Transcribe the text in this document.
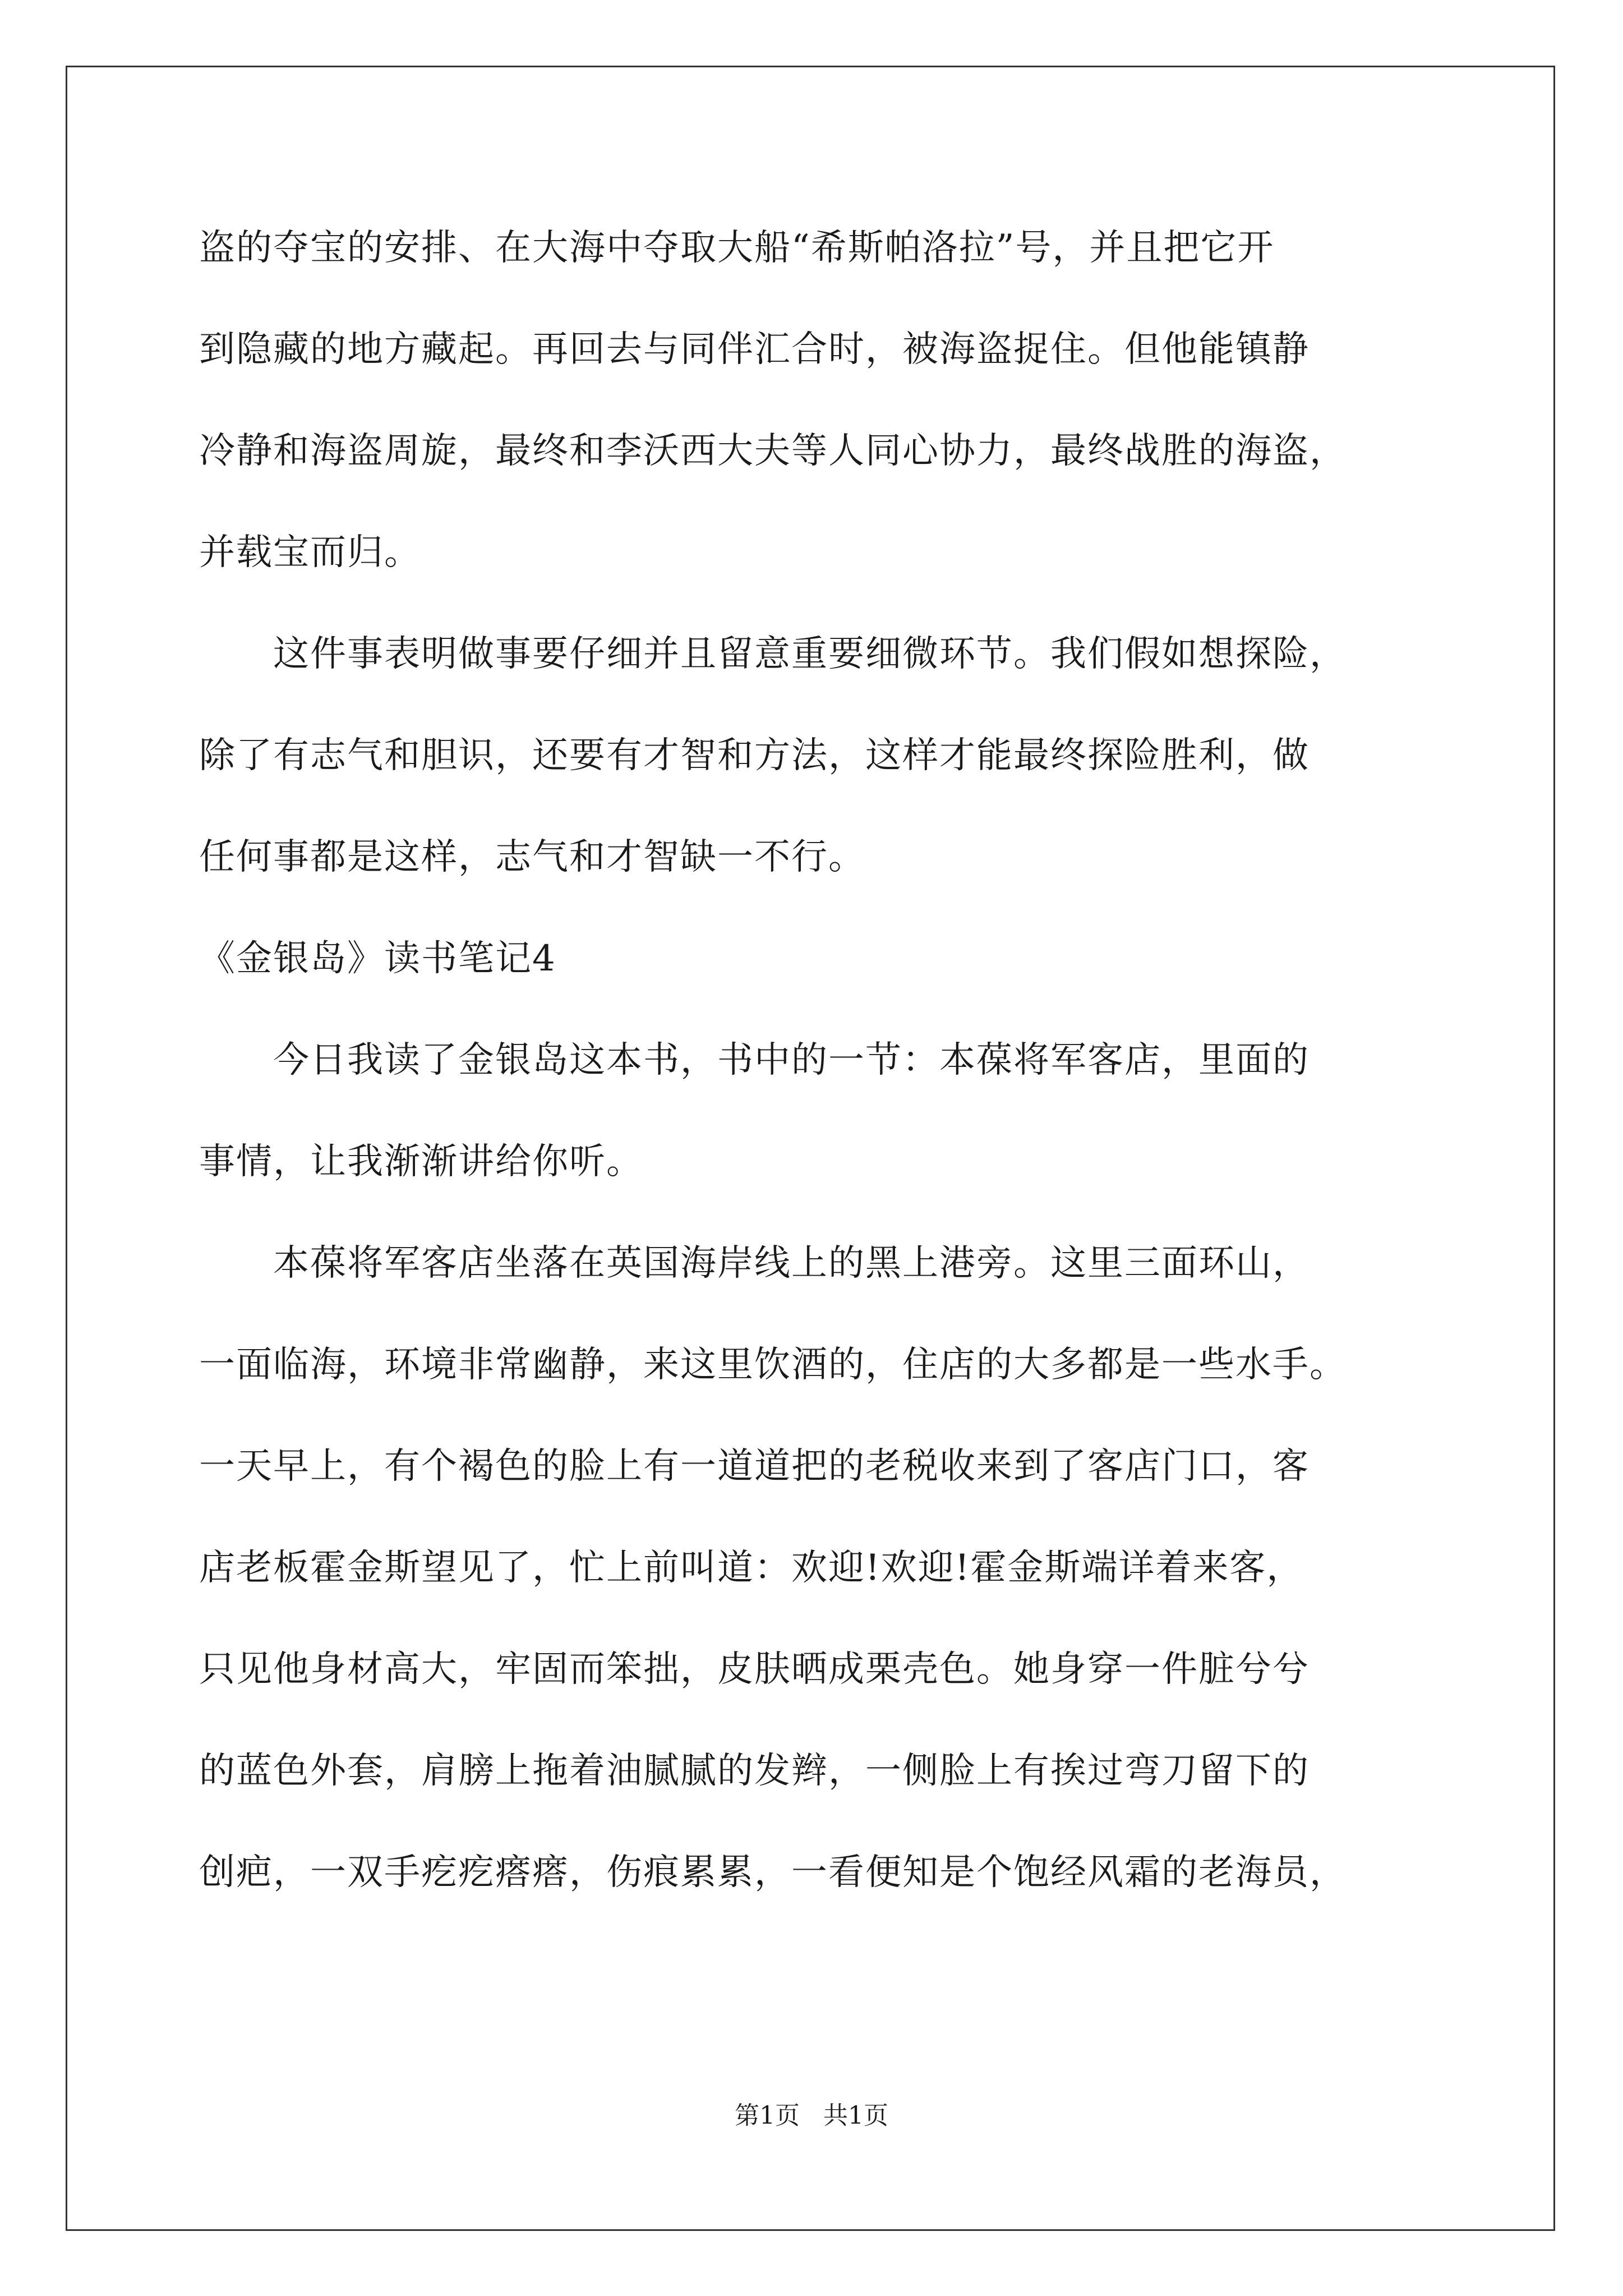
盗的夺宝的安排、在大海中夺取大船“希斯帕洛拉”号，并且把它开
到隐藏的地方藏起。再回去与同伴汇合时，被海盗捉住。但他能镇静
冷静和海盗周旋，最终和李沃西大夫等人同心协力，最终战胜的海盗，
并载宝而归。
　　这件事表明做事要仔细并且留意重要细微环节。我们假如想探险，
除了有志气和胆识，还要有才智和方法，这样才能最终探险胜利，做
任何事都是这样，志气和才智缺一不行。
《金银岛》读书笔记4
　　今日我读了金银岛这本书，书中的一节：本葆将军客店，里面的
事情，让我渐渐讲给你听。
　　本葆将军客店坐落在英国海岸线上的黑上港旁。这里三面环山，
一面临海，环境非常幽静，来这里饮酒的，住店的大多都是一些水手。
一天早上，有个褐色的脸上有一道道把的老税收来到了客店门口，客
店老板霍金斯望见了，忙上前叫道：欢迎!欢迎!霍金斯端详着来客，
只见他身材高大，牢固而笨拙，皮肤晒成栗壳色。她身穿一件脏兮兮
的蓝色外套，肩膀上拖着油腻腻的发辫，一侧脸上有挨过弯刀留下的
创疤，一双手疙疙瘩瘩，伤痕累累，一看便知是个饱经风霜的老海员，
第1页   共1页
